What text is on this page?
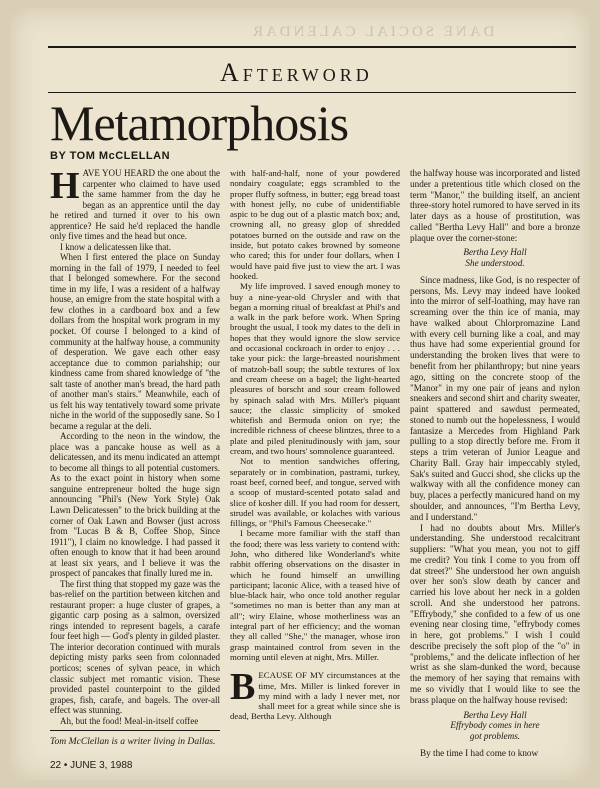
DANE SOCIAL CALENDAR
Afterword
Metamorphosis
BY TOM McCLELLAN

HAVE YOU HEARD the one about the carpenter who claimed to have used the same hammer from the day he began as an apprentice until the day he retired and turned it over to his own apprentice? He said he'd replaced the handle only five times and the head but once.

I know a delicatessen like that.

When I first entered the place on Sunday morning in the fall of 1979, I needed to feel that I belonged somewhere. For the second time in my life, I was a resident of a halfway house, an emigre from the state hospital with a few clothes in a cardboard box and a few dollars from the hospital work program in my pocket. Of course I belonged to a kind of community at the halfway house, a community of desperation. We gave each other easy acceptance due to common pariahship; our kindness came from shared knowledge of "the salt taste of another man's bread, the hard path of another man's stairs." Meanwhile, each of us felt his way tentatively toward some private niche in the world of the supposedly sane. So I became a regular at the deli.

According to the neon in the window, the place was a pancake house as well as a delicatessen, and its menu indicated an attempt to become all things to all potential customers. As to the exact point in history when some sanguine entrepreneur bolted the huge sign announcing "Phil's (New York Style) Oak Lawn Delicatessen" to the brick building at the corner of Oak Lawn and Bowser (just across from "Lucas B & B, Coffee Shop, Since 1911"), I claim no knowledge. I had passed it often enough to know that it had been around at least six years, and I believe it was the prospect of pancakes that finally lured me in.

The first thing that stopped my gaze was the bas-relief on the partition between kitchen and restaurant proper: a huge cluster of grapes, a gigantic carp posing as a salmon, oversized rings intended to represent bagels, a carafe four feet high — God's plenty in gilded plaster. The interior decoration continued with murals depicting misty parks seen from colonnaded porticos; scenes of sylvan peace, in which classic subject met romantic vision. These provided pastel counterpoint to the gilded grapes, fish, carafe, and bagels. The over-all effect was stunning.

Ah, but the food! Meal-in-itself coffee

with half-and-half, none of your powdered nondairy coagulate; eggs scrambled to the proper fluffy softness, in butter; egg bread toast with honest jelly, no cube of unidentifiable aspic to be dug out of a plastic match box; and, crowning all, no greasy glop of shredded potatoes burned on the outside and raw on the inside, but potato cakes browned by someone who cared; this for under four dollars, when I would have paid five just to view the art. I was hooked.

My life improved. I saved enough money to buy a nine-year-old Chrysler and with that began a morning ritual of breakfast at Phil's and a walk in the park before work. When Spring brought the usual, I took my dates to the deli in hopes that they would ignore the slow service and occasional cockroach in order to enjoy . . . take your pick: the large-breasted nourishment of matzoh-ball soup; the subtle textures of lox and cream cheese on a bagel; the light-hearted pleasures of borscht and sour cream followed by spinach salad with Mrs. Miller's piquant sauce; the classic simplicity of smoked whitefish and Bermuda onion on rye; the incredible richness of cheese blintzes, three to a plate and piled plenitudinously with jam, sour cream, and two hours' somnolence guaranteed.

Not to mention sandwiches offering, separately or in combination, pastrami, turkey, roast beef, corned beef, and tongue, served with a scoop of mustard-scented potato salad and slice of kosher dill. If you had room for dessert, strudel was available, or kolaches with various fillings, or "Phil's Famous Cheesecake."

I became more familiar with the staff than the food; there was less variety to contend with: John, who dithered like Wonderland's white rabbit offering observations on the disaster in which he found himself an unwilling participant; laconic Alice, with a teased hive of blue-black hair, who once told another regular "sometimes no man is better than any man at all"; wiry Elaine, whose motherliness was an integral part of her efficiency; and the woman they all called "She," the manager, whose iron grasp maintained control from seven in the morning until eleven at night, Mrs. Miller.

BECAUSE OF MY circumstances at the time, Mrs. Miller is linked forever in my mind with a lady I never met, nor shall meet for a great while since she is dead, Bertha Levy. Although

the halfway house was incorporated and listed under a pretentious title which closed on the term "Manor," the building itself, an ancient three-story hotel rumored to have served in its later days as a house of prostitution, was called "Bertha Levy Hall" and bore a bronze plaque over the corner-stone:

Bertha Levy Hall
She understood.

Since madness, like God, is no respecter of persons, Ms. Levy may indeed have looked into the mirror of self-loathing, may have ran screaming over the thin ice of mania, may have walked about Chlorpromazine Land with every cell burning like a coal, and may thus have had some experiential ground for understanding the broken lives that were to benefit from her philanthropy; but nine years ago, sitting on the concrete stoop of the "Manor" in my one pair of jeans and nylon sneakers and second shirt and charity sweater, paint spattered and sawdust permeated, stoned to numb out the hopelessness, I would fantasize a Mercedes from Highland Park pulling to a stop directly before me. From it steps a trim veteran of Junior League and Charity Ball. Gray hair impeccably styled, Sak's suited and Gucci shod, she clicks up the walkway with all the confidence money can buy, places a perfectly manicured hand on my shoulder, and announces, "I'm Bertha Levy, and I understand."

I had no doubts about Mrs. Miller's understanding. She understood recalcitrant suppliers: "What you mean, you not to giff me credit? You tink I come to you from off dat street?" She understood her own anguish over her son's slow death by cancer and carried his love about her neck in a golden scroll. And she understood her patrons. "Effrybody," she confided to a few of us one evening near closing time, "effrybody comes in here, got problems." I wish I could describe precisely the soft plop of the "o" in "problems," and the delicate inflection of her wrist as she slam-dunked the word, because the memory of her saying that remains with me so vividly that I would like to see the brass plaque on the halfway house revised:

Bertha Levy Hall
Effrybody comes in here
got problems.

By the time I had come to know

Tom McClellan is a writer living in Dallas.
22 • JUNE 3, 1988
